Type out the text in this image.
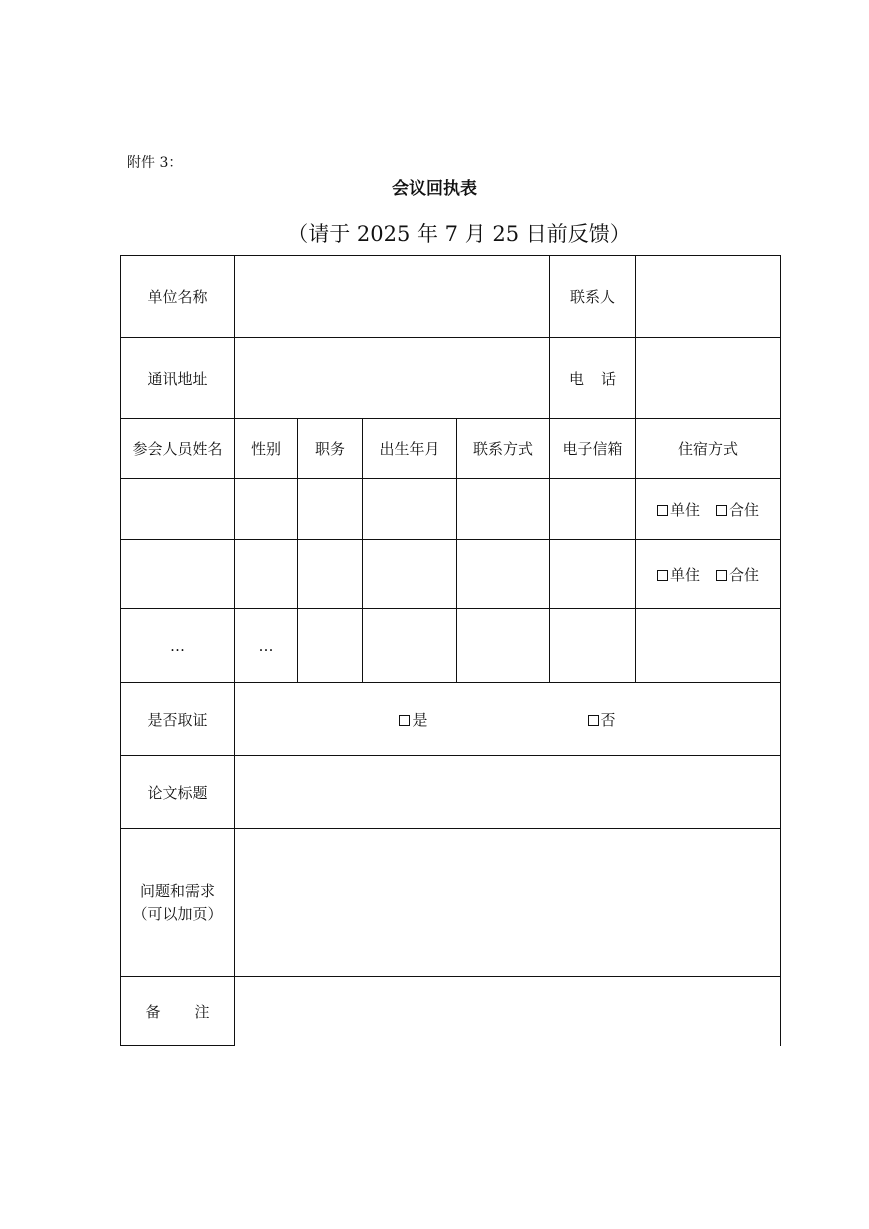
附件 3：
会议回执表
（请于 2025 年 7 月 25 日前反馈）
单位名称					联系人	
通讯地址					电 话	
参会人员姓名	性别	职务	出生年月	联系方式	电子信箱	住宿方式
						单住 合住
						单住 合住
…	…					
是否取证	是 否					
论文标题						

问题和需求
（可以加页）						

备 注						
